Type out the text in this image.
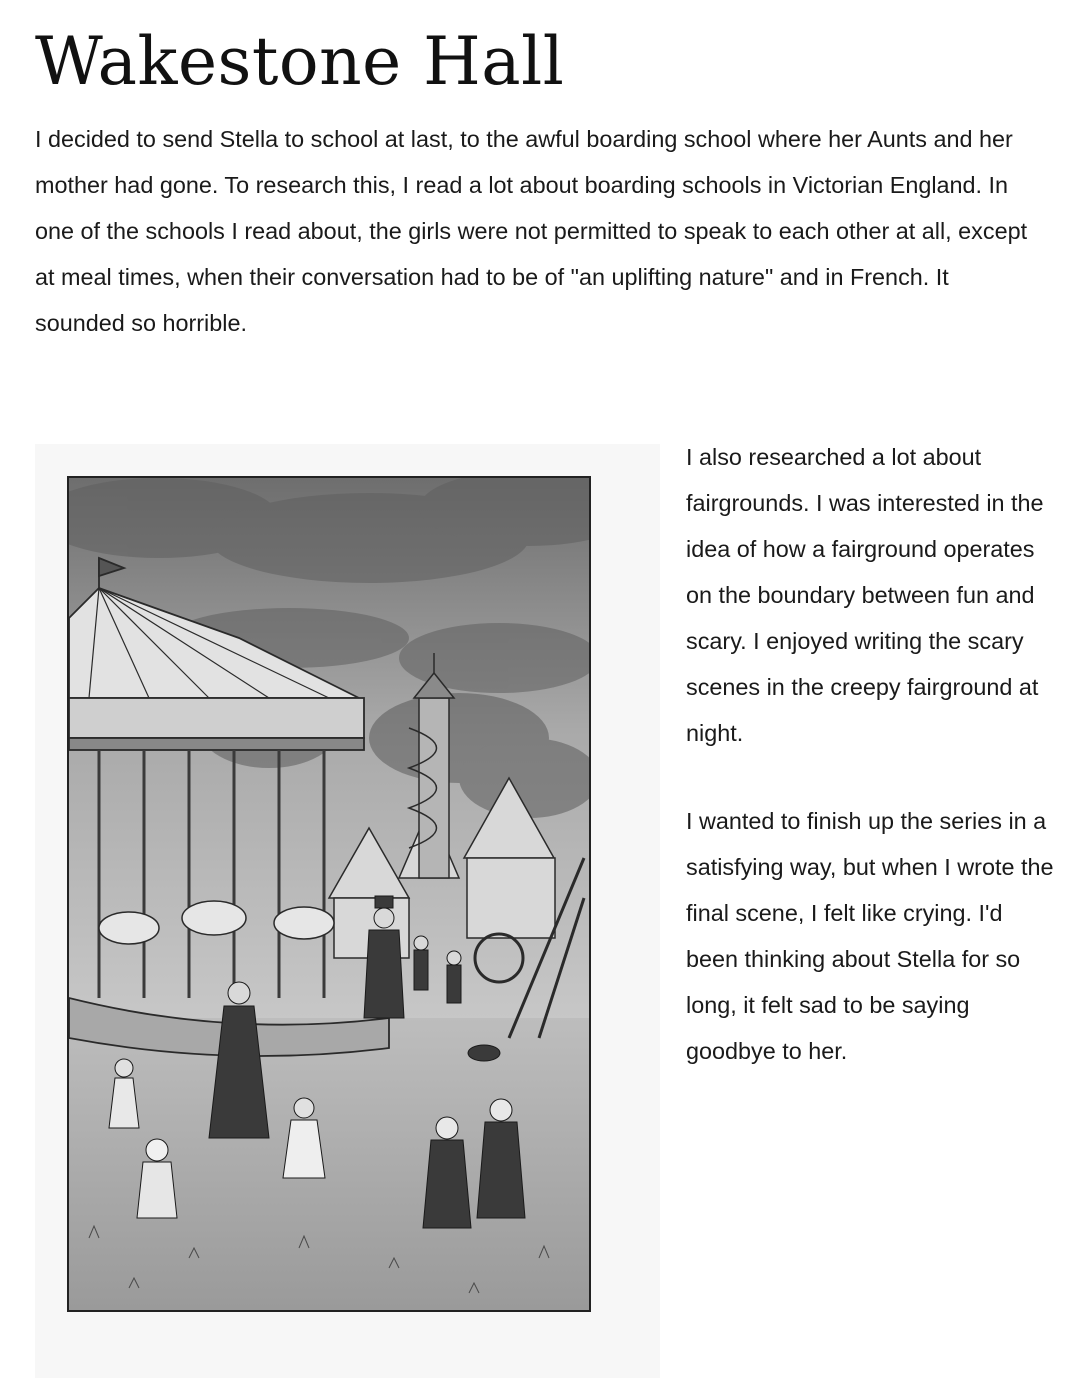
Wakestone Hall

I decided to send Stella to school at last, to the awful boarding school where her Aunts and her mother had gone. To research this, I read a lot about boarding schools in Victorian England. In one of the schools I read about, the girls were not permitted to speak to each other at all, except at meal times, when their conversation had to be of "an uplifting nature" and in French. It sounded so horrible.

I also researched a lot about fairgrounds. I was interested in the idea of how a fairground operates on the boundary between fun and scary. I enjoyed writing the scary scenes in the creepy fairground at night.

I wanted to finish up the series in a satisfying way, but when I wrote the final scene, I felt like crying. I'd been thinking about Stella for so long, it felt sad to be saying goodbye to her.
